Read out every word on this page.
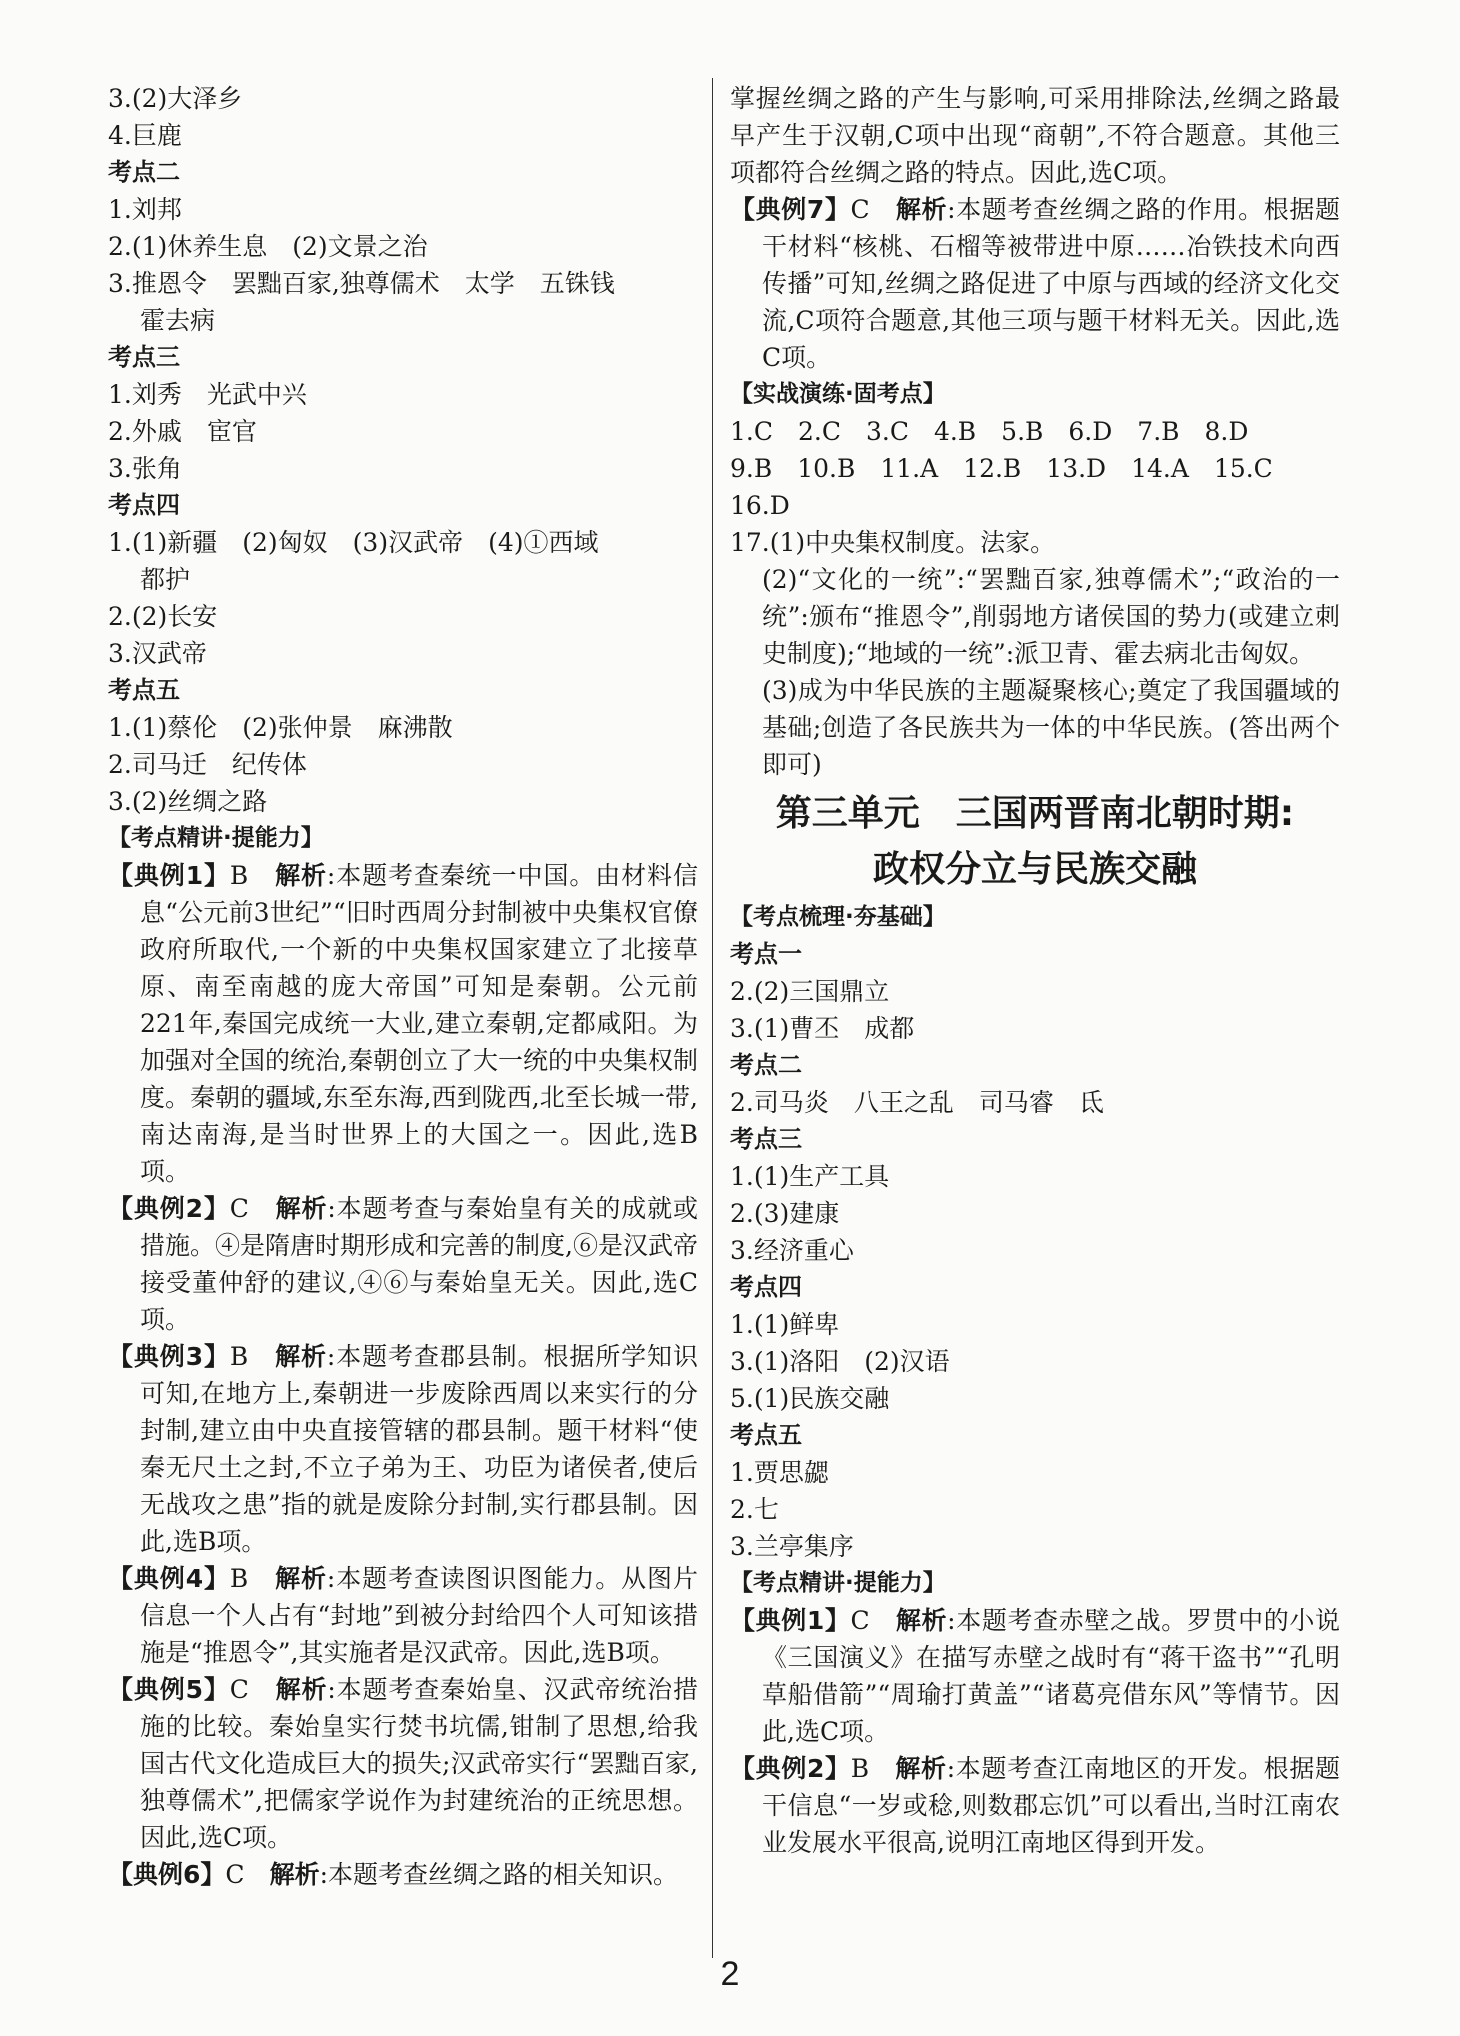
3.(2)大泽乡
4.巨鹿
考点二
1.刘邦
2.(1)休养生息　(2)文景之治
3.推恩令　罢黜百家,独尊儒术　太学　五铢钱
霍去病
考点三
1.刘秀　光武中兴
2.外戚　宦官
3.张角
考点四
1.(1)新疆　(2)匈奴　(3)汉武帝　(4)①西域
都护
2.(2)长安
3.汉武帝
考点五
1.(1)蔡伦　(2)张仲景　麻沸散
2.司马迁　纪传体
3.(2)丝绸之路
【考点精讲·提能力】
【典例1】B　 解析:本题考查秦统一中国。由材料信息“公元前3世纪”“旧时西周分封制被中央集权官僚政府所取代,一个新的中央集权国家建立了北接草原、南至南越的庞大帝国”可知是秦朝。公元前221年,秦国完成统一大业,建立秦朝,定都咸阳。为加强对全国的统治,秦朝创立了大一统的中央集权制度。秦朝的疆域,东至东海,西到陇西,北至长城一带,南达南海,是当时世界上的大国之一。因此,选B项。
【典例2】C　 解析:本题考查与秦始皇有关的成就或措施。④是隋唐时期形成和完善的制度,⑥是汉武帝接受董仲舒的建议,④⑥与秦始皇无关。因此,选C项。
【典例3】B　 解析:本题考查郡县制。根据所学知识可知,在地方上,秦朝进一步废除西周以来实行的分封制,建立由中央直接管辖的郡县制。题干材料“使秦无尺土之封,不立子弟为王、功臣为诸侯者,使后无战攻之患”指的就是废除分封制,实行郡县制。因此,选B项。
【典例4】B　 解析:本题考查读图识图能力。从图片信息一个人占有“封地”到被分封给四个人可知该措施是“推恩令”,其实施者是汉武帝。因此,选B项。
【典例5】C　 解析:本题考查秦始皇、汉武帝统治措施的比较。秦始皇实行焚书坑儒,钳制了思想,给我国古代文化造成巨大的损失;汉武帝实行“罢黜百家,独尊儒术”,把儒家学说作为封建统治的正统思想。因此,选C项。
【典例6】C　 解析:本题考查丝绸之路的相关知识。
掌握丝绸之路的产生与影响,可采用排除法,丝绸之路最早产生于汉朝,C项中出现“商朝”,不符合题意。其他三项都符合丝绸之路的特点。因此,选C项。
【典例7】C　 解析:本题考查丝绸之路的作用。根据题干材料“核桃、石榴等被带进中原……冶铁技术向西传播”可知,丝绸之路促进了中原与西域的经济文化交流,C项符合题意,其他三项与题干材料无关。因此,选C项。
【实战演练·固考点】
1.C　2.C　3.C　4.B　5.B　6.D　7.B　8.D
9.B　10.B　11.A　12.B　13.D　14.A　15.C
16.D
17.(1)中央集权制度。法家。
(2)“文化的一统”:“罢黜百家,独尊儒术”;“政治的一统”:颁布“推恩令”,削弱地方诸侯国的势力(或建立刺史制度);“地域的一统”:派卫青、霍去病北击匈奴。
(3)成为中华民族的主题凝聚核心;奠定了我国疆域的基础;创造了各民族共为一体的中华民族。(答出两个即可)
第三单元　三国两晋南北朝时期:
政权分立与民族交融
【考点梳理·夯基础】
考点一
2.(2)三国鼎立
3.(1)曹丕　成都
考点二
2.司马炎　八王之乱　司马睿　氐
考点三
1.(1)生产工具
2.(3)建康
3.经济重心
考点四
1.(1)鲜卑
3.(1)洛阳　(2)汉语
5.(1)民族交融
考点五
1.贾思勰
2.七
3.兰亭集序
【考点精讲·提能力】
【典例1】C　 解析:本题考查赤壁之战。罗贯中的小说《三国演义》在描写赤壁之战时有“蒋干盗书”“孔明草船借箭”“周瑜打黄盖”“诸葛亮借东风”等情节。因此,选C项。
【典例2】B　 解析:本题考查江南地区的开发。根据题干信息“一岁或稔,则数郡忘饥”可以看出,当时江南农业发展水平很高,说明江南地区得到开发。
2
